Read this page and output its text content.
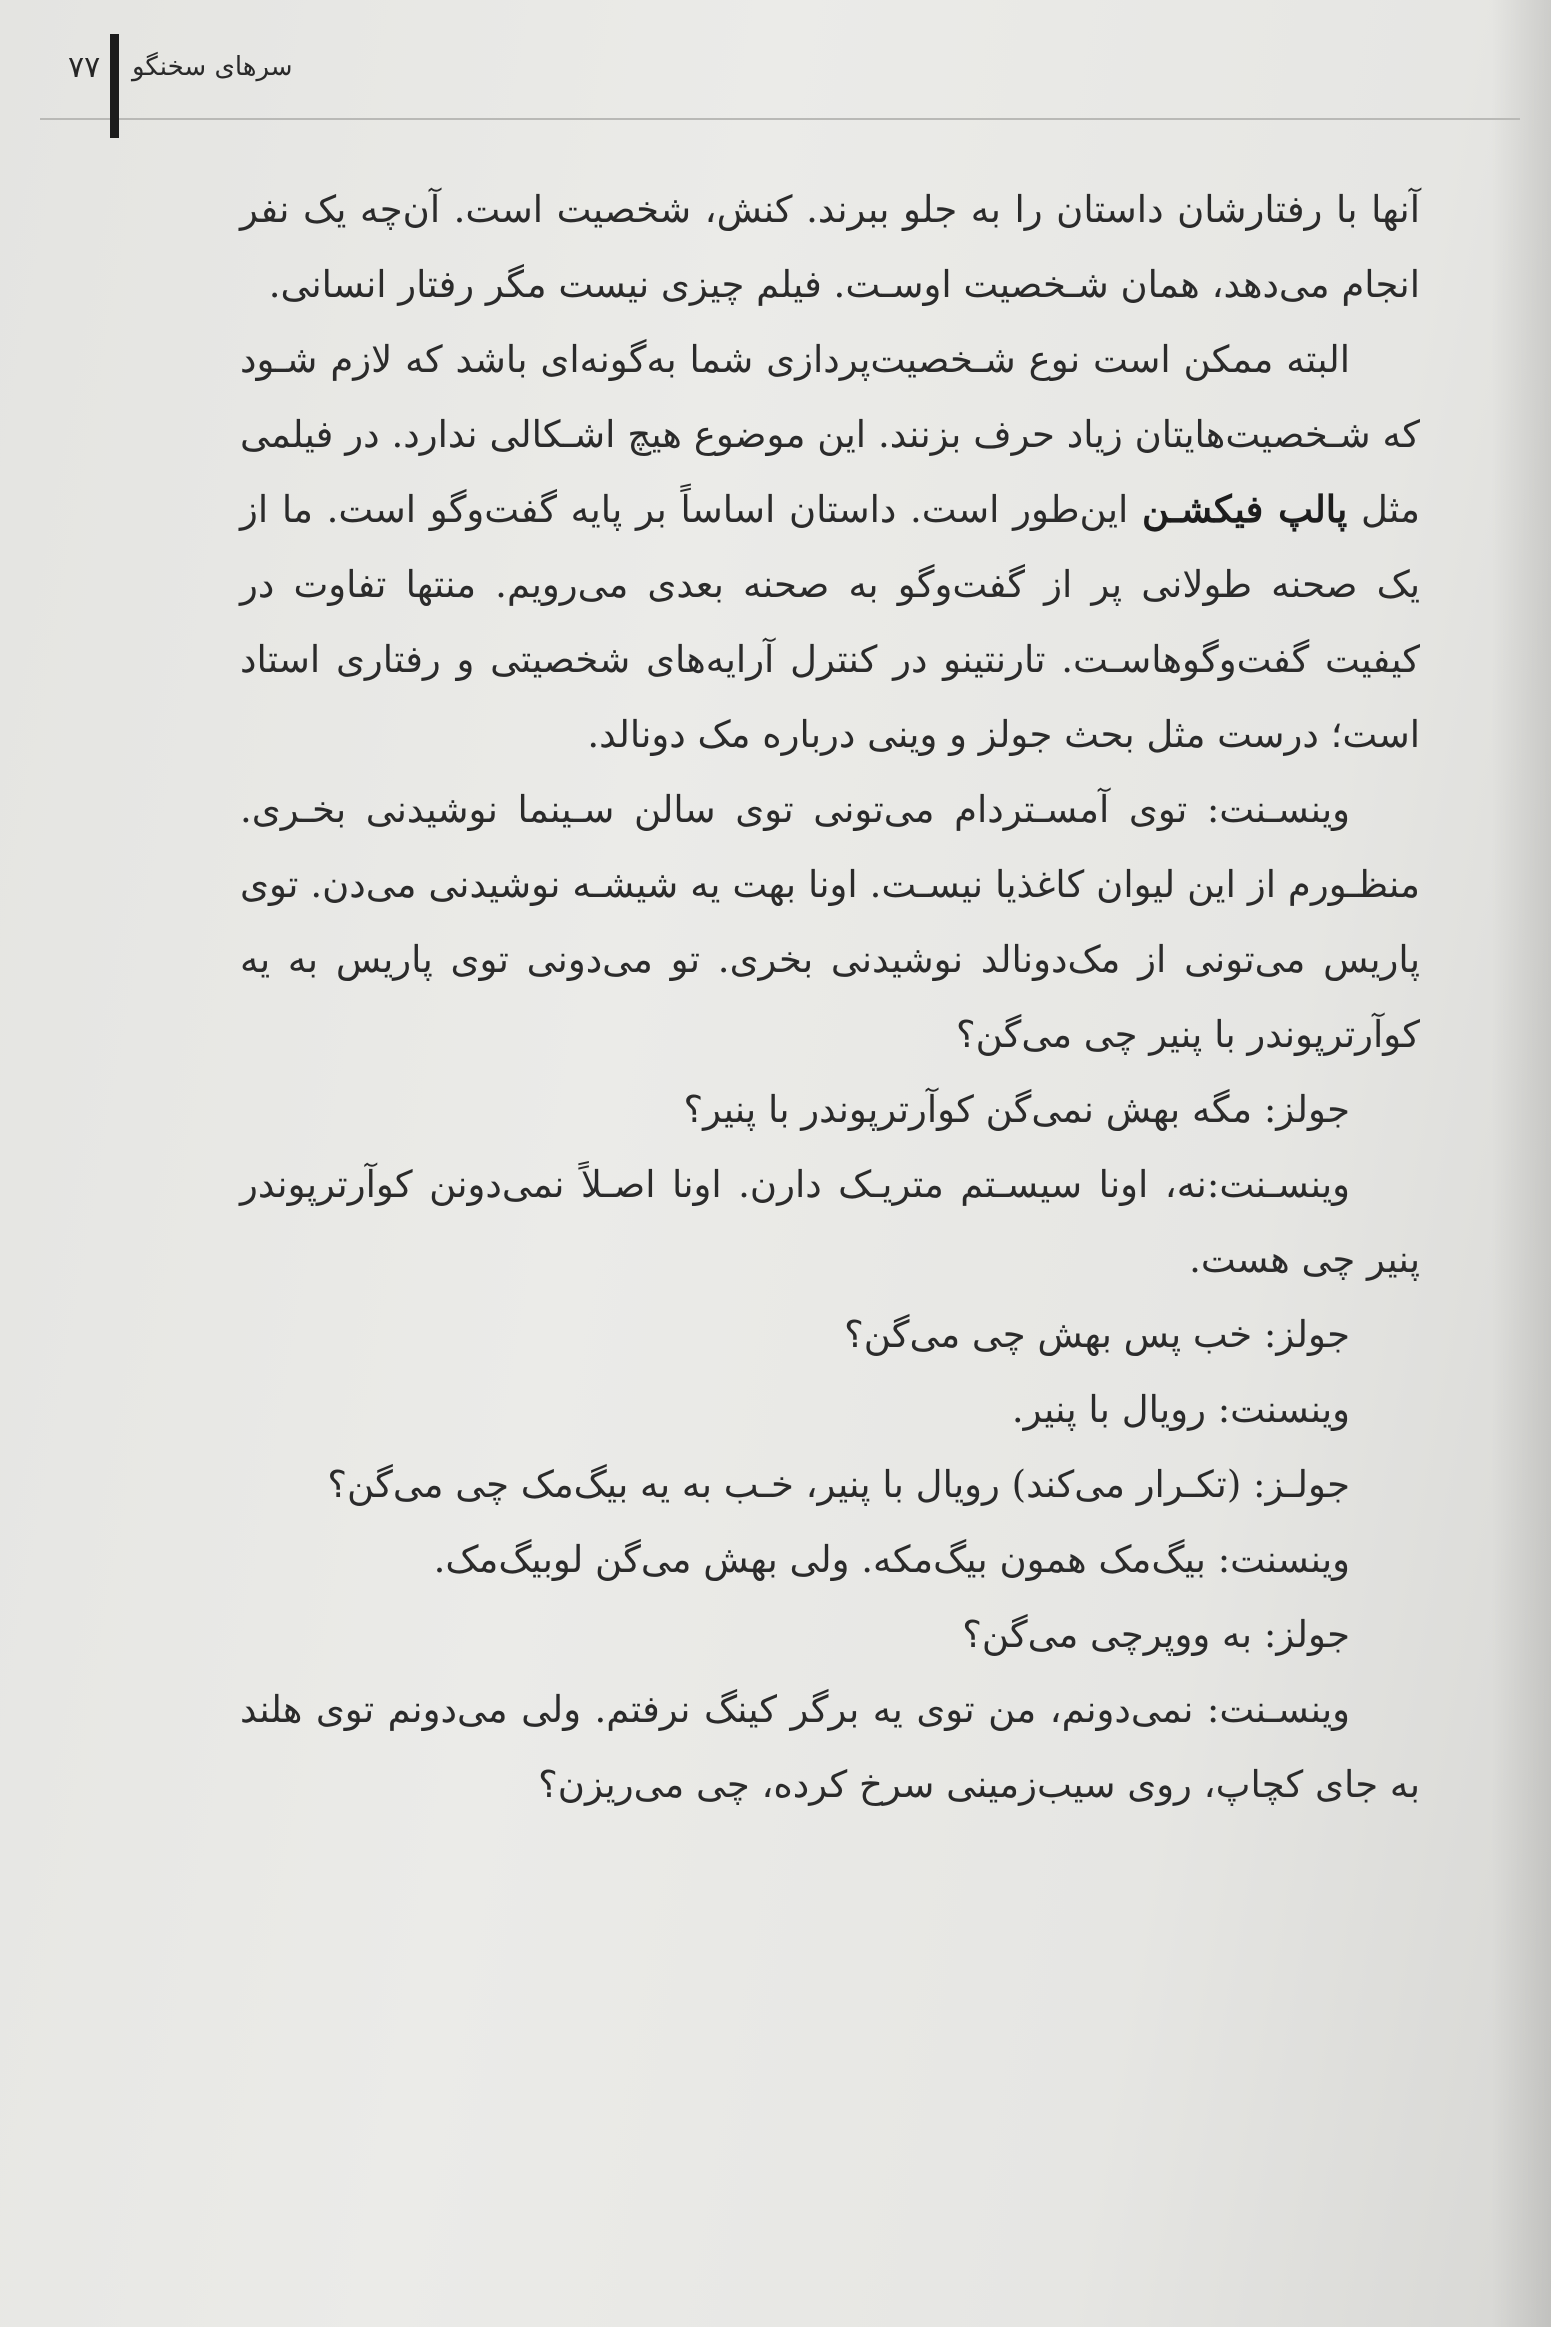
۷۷ سرهای سخنگو

آنها با رفتارشان داستان را به جلو ببرند. کنش، شخصیت است. آن‌چه یک نفر انجام می‌دهد، همان شـخصیت اوسـت. فیلم چیزی نیست مگر رفتار انسانی.

البته ممکن است نوع شـخصیت‌پردازی شما به‌گونه‌ای باشد که لازم شـود که شـخصیت‌هایتان زیاد حرف بزنند. این موضوع هیچ اشـکالی ندارد. در فیلمی مثل پالپ فیکشـن این‌طور است. داستان اساساً بر پایه گفت‌وگو است. ما از یک صحنه طولانی پر از گفت‌وگو به صحنه بعدی می‌رویم. منتها تفاوت در کیفیت گفت‌وگوهاسـت. تارنتینو در کنترل آرایه‌های شخصیتی و رفتاری استاد است؛ درست مثل بحث جولز و وینی درباره مک دونالد.

وینسـنت: توی آمسـتردام می‌تونی توی سالن سـینما نوشیدنی بخـری. منظـورم از این لیوان کاغذیا نیسـت. اونا بهت یه شیشـه نوشیدنی می‌دن. توی پاریس می‌تونی از مک‌دونالد نوشیدنی بخری. تو می‌دونی توی پاریس به یه کوآرترپوندر با پنیر چی می‌گن؟

جولز: مگه بهش نمی‌گن کوآرترپوندر با پنیر؟

وینسـنت:نه، اونا سیسـتم متریـک دارن. اونا اصـلاً نمی‌دونن کوآرترپوندر پنیر چی هست.

جولز: خب پس بهش چی می‌گن؟

وینسنت: رویال با پنیر.

جولـز: (تکـرار می‌کند) رویال با پنیر، خـب به یه بیگ‌مک چی می‌گن؟

وینسنت: بیگ‌مک همون بیگ‌مکه. ولی بهش می‌گن لوبیگ‌مک.

جولز: به ووپرچی می‌گن؟

وینسـنت: نمی‌دونم، من توی یه برگر کینگ نرفتم. ولی می‌دونم توی هلند به جای کچاپ، روی سیب‌زمینی سرخ کرده، چی می‌ریزن؟
